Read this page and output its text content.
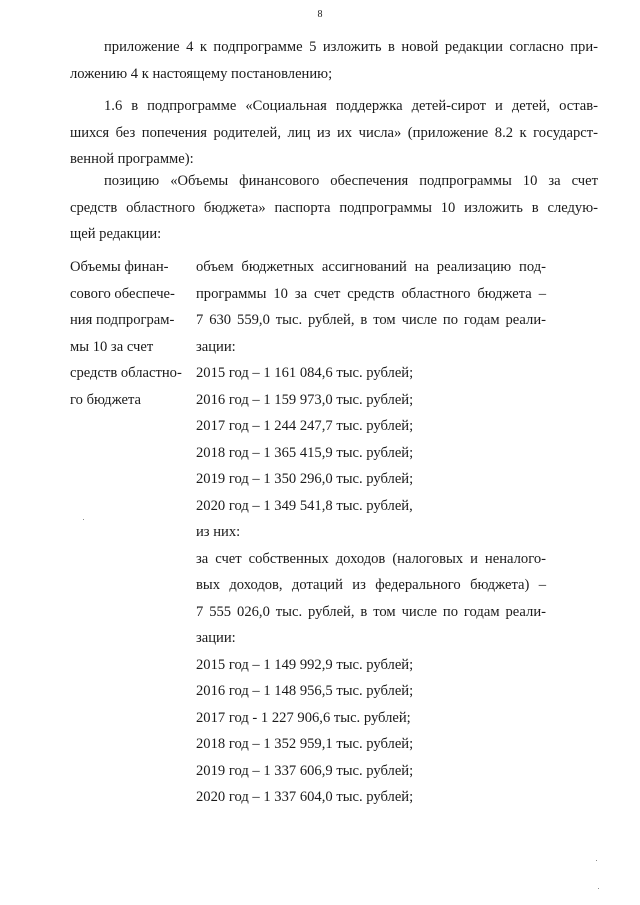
8
приложение 4 к подпрограмме 5 изложить в новой редакции согласно при-
ложению 4 к настоящему постановлению;
1.6 в подпрограмме «Социальная поддержка детей-сирот и детей, остав-
шихся без попечения родителей, лиц из их числа» (приложение 8.2 к государст-
венной программе):
позицию «Объемы финансового обеспечения подпрограммы 10 за счет
средств областного бюджета» паспорта подпрограммы 10 изложить в следую-
щей редакции:
Объемы финан-
сового обеспече-
ния подпрограм-
мы 10 за счет
средств областно-
го бюджета
объем бюджетных ассигнований на реализацию под-
программы 10 за счет средств областного бюджета –
7 630 559,0 тыс. рублей, в том числе по годам реали-
зации:
2015 год – 1 161 084,6 тыс. рублей;
2016 год – 1 159 973,0 тыс. рублей;
2017 год – 1 244 247,7 тыс. рублей;
2018 год – 1 365 415,9 тыс. рублей;
2019 год – 1 350 296,0 тыс. рублей;
2020 год – 1 349 541,8 тыс. рублей,
из них:
за счет собственных доходов (налоговых и неналого-
вых доходов, дотаций из федерального бюджета) –
7 555 026,0 тыс. рублей, в том числе по годам реали-
зации:
2015 год – 1 149 992,9 тыс. рублей;
2016 год – 1 148 956,5 тыс. рублей;
2017 год - 1 227 906,6 тыс. рублей;
2018 год – 1 352 959,1 тыс. рублей;
2019 год – 1 337 606,9 тыс. рублей;
2020 год – 1 337 604,0 тыс. рублей;
